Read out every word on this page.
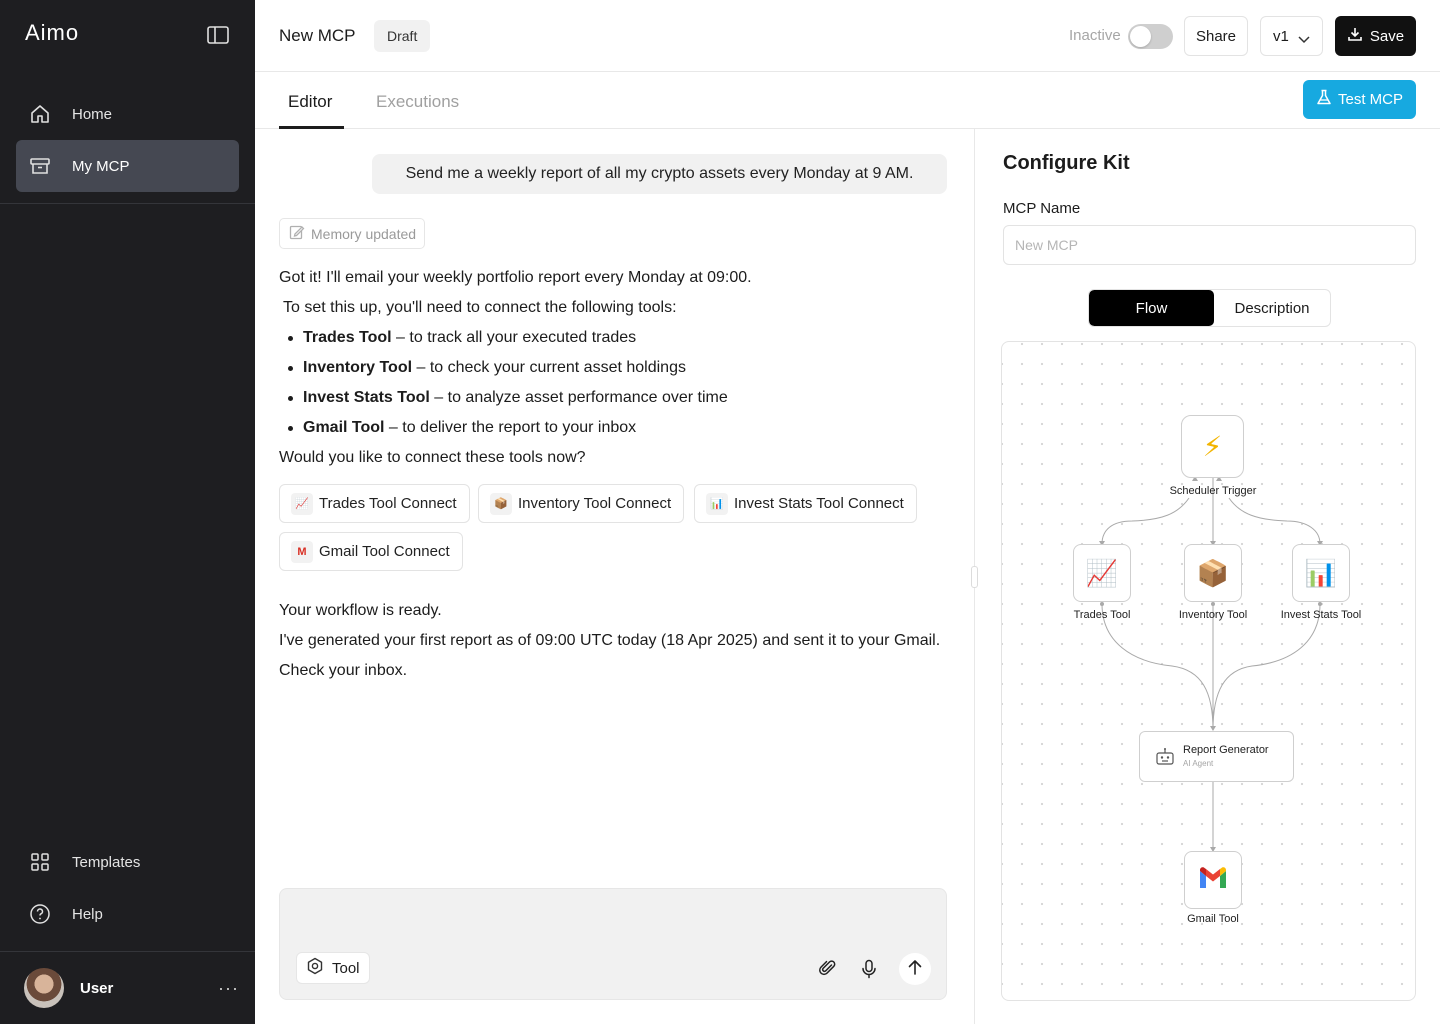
Aimo
Home
My MCP
Templates
Help
User	···
New MCP	Draft	Inactive	Share	v1	Save
Editor	Executions	Test MCP
Send me a weekly report of all my crypto assets every Monday at 9 AM.
Memory updated
Got it! I'll email your weekly portfolio report every Monday at 09:00.
To set this up, you'll need to connect the following tools:
Trades Tool – to track all your executed trades
Inventory Tool – to check your current asset holdings
Invest Stats Tool – to analyze asset performance over time
Gmail Tool – to deliver the report to your inbox
Would you like to connect these tools now?
📈 Trades Tool Connect	📦 Inventory Tool Connect	📊 Invest Stats Tool Connect
M Gmail Tool Connect
Your workflow is ready.
I've generated your first report as of 09:00 UTC today (18 Apr 2025) and sent it to your Gmail. Check your inbox.
Tool
Configure Kit
MCP Name
New MCP
Flow	Description
⚡
Scheduler Trigger
📈
Trades Tool
📦
Inventory Tool
📊
Invest Stats Tool
Report Generator
AI Agent
Gmail Tool
